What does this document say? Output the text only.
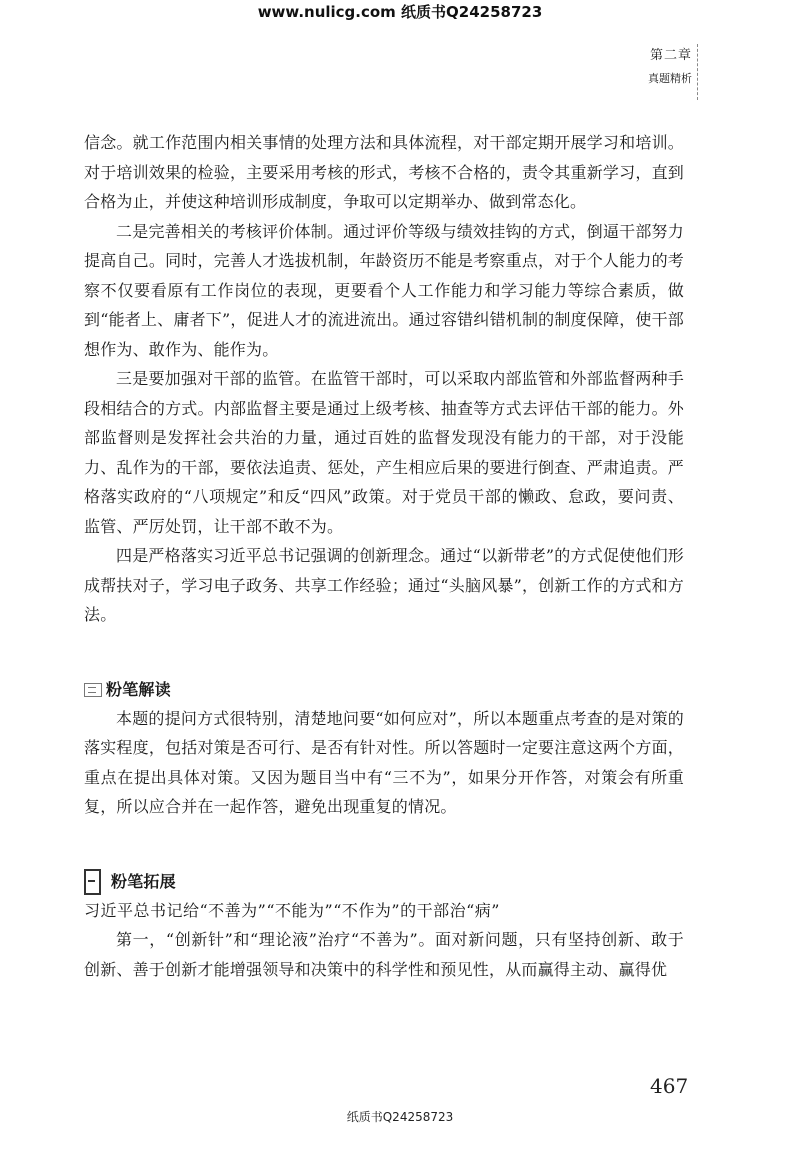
www.nulicg.com 纸质书Q24258723
第二章
真题精析

信念。就工作范围内相关事情的处理方法和具体流程，对干部定期开展学习和培训。对于培训效果的检验，主要采用考核的形式，考核不合格的，责令其重新学习，直到合格为止，并使这种培训形成制度，争取可以定期举办、做到常态化。

二是完善相关的考核评价体制。通过评价等级与绩效挂钩的方式，倒逼干部努力提高自己。同时，完善人才选拔机制，年龄资历不能是考察重点，对于个人能力的考察不仅要看原有工作岗位的表现，更要看个人工作能力和学习能力等综合素质，做到“能者上、庸者下”，促进人才的流进流出。通过容错纠错机制的制度保障，使干部想作为、敢作为、能作为。

三是要加强对干部的监管。在监管干部时，可以采取内部监管和外部监督两种手段相结合的方式。内部监督主要是通过上级考核、抽查等方式去评估干部的能力。外部监督则是发挥社会共治的力量，通过百姓的监督发现没有能力的干部，对于没能力、乱作为的干部，要依法追责、惩处，产生相应后果的要进行倒查、严肃追责。严格落实政府的“八项规定”和反“四风”政策。对于党员干部的懒政、怠政，要问责、监管、严厉处罚，让干部不敢不为。

四是严格落实习近平总书记强调的创新理念。通过“以新带老”的方式促使他们形成帮扶对子，学习电子政务、共享工作经验；通过“头脑风暴”，创新工作的方式和方法。

粉笔解读

本题的提问方式很特别，清楚地问要“如何应对”，所以本题重点考查的是对策的落实程度，包括对策是否可行、是否有针对性。所以答题时一定要注意这两个方面，重点在提出具体对策。又因为题目当中有“三不为”，如果分开作答，对策会有所重复，所以应合并在一起作答，避免出现重复的情况。

粉笔拓展

习近平总书记给“不善为”“不能为”“不作为”的干部治“病”

第一，“创新针”和“理论液”治疗“不善为”。面对新问题，只有坚持创新、敢于创新、善于创新才能增强领导和决策中的科学性和预见性，从而赢得主动、赢得优

467
纸质书Q24258723
